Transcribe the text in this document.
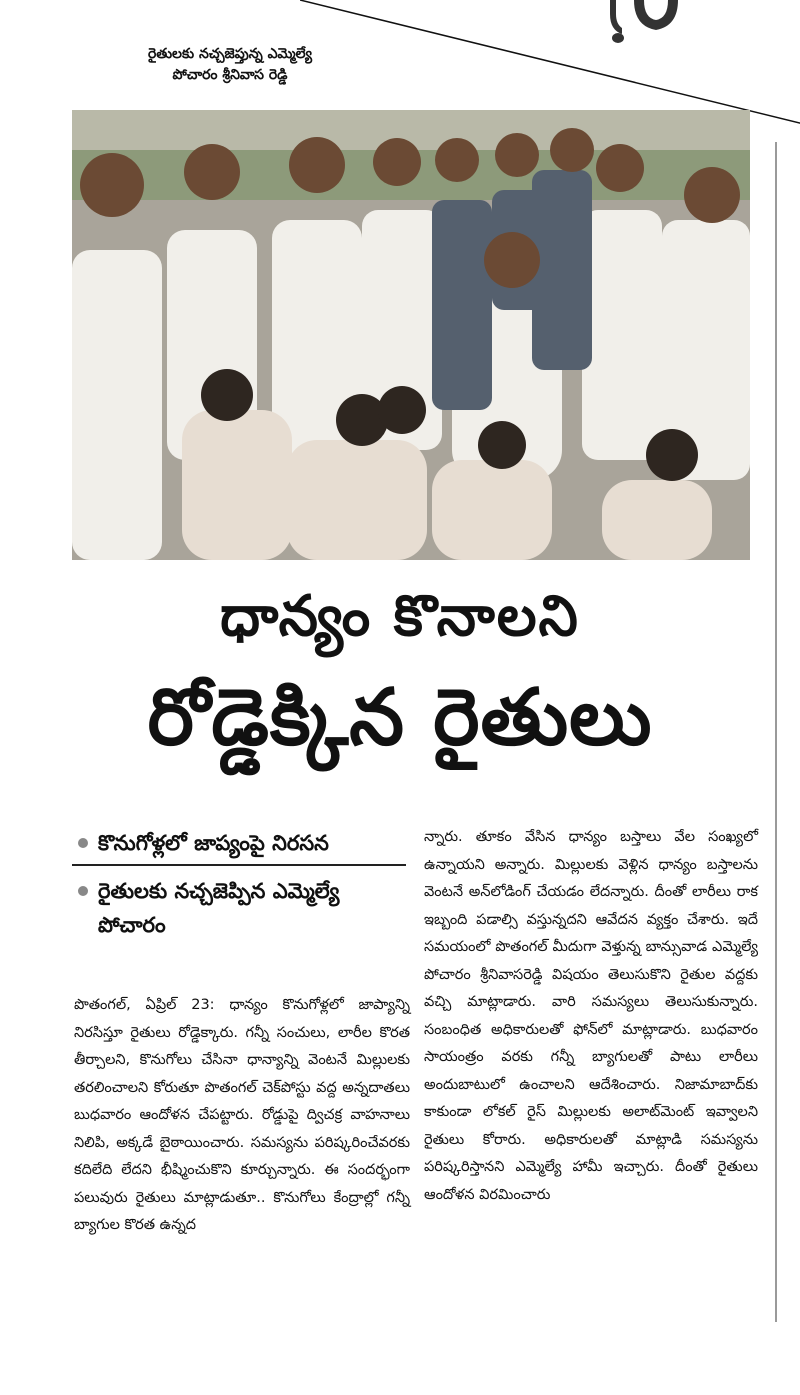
రైతులకు నచ్చజెప్తున్న ఎమ్మెల్యే
పోచారం శ్రీనివాస రెడ్డి
ధాన్యం కొనాలని
రోడ్డెక్కిన రైతులు
కొనుగోళ్లలో జాప్యంపై నిరసన
రైతులకు నచ్చజెప్పిన ఎమ్మెల్యే పోచారం
పొతంగల్, ఏప్రిల్ 23: ధాన్యం కొనుగోళ్లలో జాప్యాన్ని నిరసిస్తూ రైతులు రోడ్డెక్కారు. గన్నీ సంచులు, లారీల కొరత తీర్చాలని, కొనుగోలు చేసినా ధాన్యాన్ని వెంటనే మిల్లులకు తరలించాలని కోరుతూ పొతంగల్ చెక్‌పోస్టు వద్ద అన్నదాతలు బుధవారం ఆందోళన చేపట్టారు. రోడ్డుపై ద్విచక్ర వాహనాలు నిలిపి, అక్కడే బైఠాయించారు. సమస్యను పరిష్కరించేవరకు కదిలేది లేదని భీష్మించుకొని కూర్చున్నారు. ఈ సందర్భంగా పలువురు రైతులు మాట్లాడుతూ.. కొనుగోలు కేంద్రాల్లో గన్నీ బ్యాగుల కొరత ఉన్నద
న్నారు. తూకం వేసిన ధాన్యం బస్తాలు వేల సంఖ్యలో ఉన్నాయని అన్నారు. మిల్లులకు వెళ్లిన ధాన్యం బస్తాలను వెంటనే అన్‌లోడింగ్ చేయడం లేదన్నారు. దీంతో లారీలు రాక ఇబ్బంది పడాల్సి వస్తున్నదని ఆవేదన వ్యక్తం చేశారు. ఇదే సమయంలో పొతంగల్ మీదుగా వెళ్తున్న బాన్సువాడ ఎమ్మెల్యే పోచారం శ్రీనివాసరెడ్డి విషయం తెలుసుకొని రైతుల వద్దకు వచ్చి మాట్లాడారు. వారి సమస్యలు తెలుసుకున్నారు. సంబంధిత అధికారులతో ఫోన్‌లో మాట్లాడారు. బుధవారం సాయంత్రం వరకు గన్నీ బ్యాగులతో పాటు లారీలు అందుబాటులో ఉంచాలని ఆదేశించారు. నిజామాబాద్‌కు కాకుండా లోకల్ రైస్ మిల్లులకు అలాట్‌మెంట్ ఇవ్వాలని రైతులు కోరారు. అధికారులతో మాట్లాడి సమస్యను పరిష్కరిస్తానని ఎమ్మెల్యే హామీ ఇచ్చారు. దీంతో రైతులు ఆందోళన విరమించారు
